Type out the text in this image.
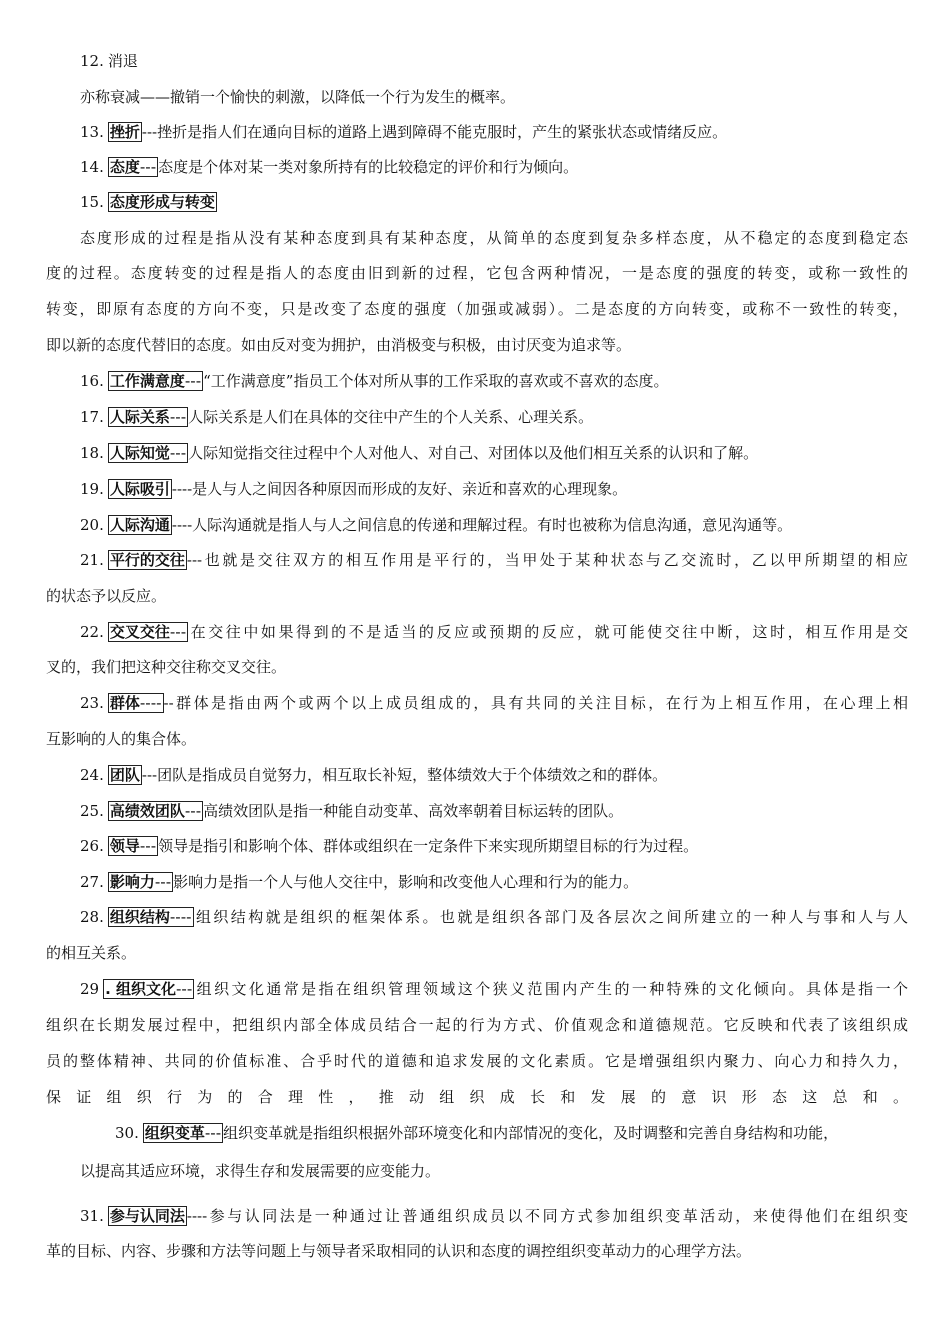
12. 消退
亦称衰减——撤销一个愉快的刺激，以降低一个行为发生的概率。
13. 挫折 ---挫折是指人们在通向目标的道路上遇到障碍不能克服时，产生的紧张状态或情绪反应。
14. 态度--- 态度是个体对某一类对象所持有的比较稳定的评价和行为倾向。
15. 态度形成与转变
态度形成的过程是指从没有某种态度到具有某种态度，从简单的态度到复杂多样态度，从不稳定的态度到稳定态
度的过程。态度转变的过程是指人的态度由旧到新的过程，它包含两种情况，一是态度的强度的转变，或称一致性的
转变，即原有态度的方向不变，只是改变了态度的强度（加强或减弱）。二是态度的方向转变，或称不一致性的转变，
即以新的态度代替旧的态度。如由反对变为拥护，由消极变与积极，由讨厌变为追求等。
16. 工作满意度--- “工作满意度”指员工个体对所从事的工作采取的喜欢或不喜欢的态度。
17. 人际关系--- 人际关系是人们在具体的交往中产生的个人关系、心理关系。
18. 人际知觉--- 人际知觉指交往过程中个人对他人、对自己、对团体以及他们相互关系的认识和了解。
19. 人际吸引 ----是人与人之间因各种原因而形成的友好、亲近和喜欢的心理现象。
20. 人际沟通 ----人际沟通就是指人与人之间信息的传递和理解过程。有时也被称为信息沟通，意见沟通等。
21. 平行的交往 ---也就是交往双方的相互作用是平行的，当甲处于某种状态与乙交流时，乙以甲所期望的相应
的状态予以反应。
22. 交叉交往--- 在交往中如果得到的不是适当的反应或预期的反应，就可能使交往中断，这时，相互作用是交
叉的，我们把这种交往称交叉交往。
23. 群体---- --群体是指由两个或两个以上成员组成的，具有共同的关注目标，在行为上相互作用，在心理上相
互影响的人的集合体。
24. 团队 ---团队是指成员自觉努力，相互取长补短，整体绩效大于个体绩效之和的群体。
25. 高绩效团队--- 高绩效团队是指一种能自动变革、高效率朝着目标运转的团队。
26. 领导--- 领导是指引和影响个体、群体或组织在一定条件下来实现所期望目标的行为过程。
27. 影响力--- 影响力是指一个人与他人交往中，影响和改变他人心理和行为的能力。
28. 组织结构---- 组织结构就是组织的框架体系。也就是组织各部门及各层次之间所建立的一种人与事和人与人
的相互关系。
29 . 组织文化--- 组织文化通常是指在组织管理领域这个狭义范围内产生的一种特殊的文化倾向。具体是指一个
组织在长期发展过程中，把组织内部全体成员结合一起的行为方式、价值观念和道德规范。它反映和代表了该组织成
员的整体精神、共同的价值标准、合乎时代的道德和追求发展的文化素质。它是增强组织内聚力、向心力和持久力，
保证组织行为的合理性，推动组织成长和发展的意识形态这总和。
30. 组织变革--- 组织变革就是指组织根据外部环境变化和内部情况的变化，及时调整和完善自身结构和功能，
以提高其适应环境，求得生存和发展需要的应变能力。
31. 参与认同法 ----参与认同法是一种通过让普通组织成员以不同方式参加组织变革活动，来使得他们在组织变
革的目标、内容、步骤和方法等问题上与领导者采取相同的认识和态度的调控组织变革动力的心理学方法。
